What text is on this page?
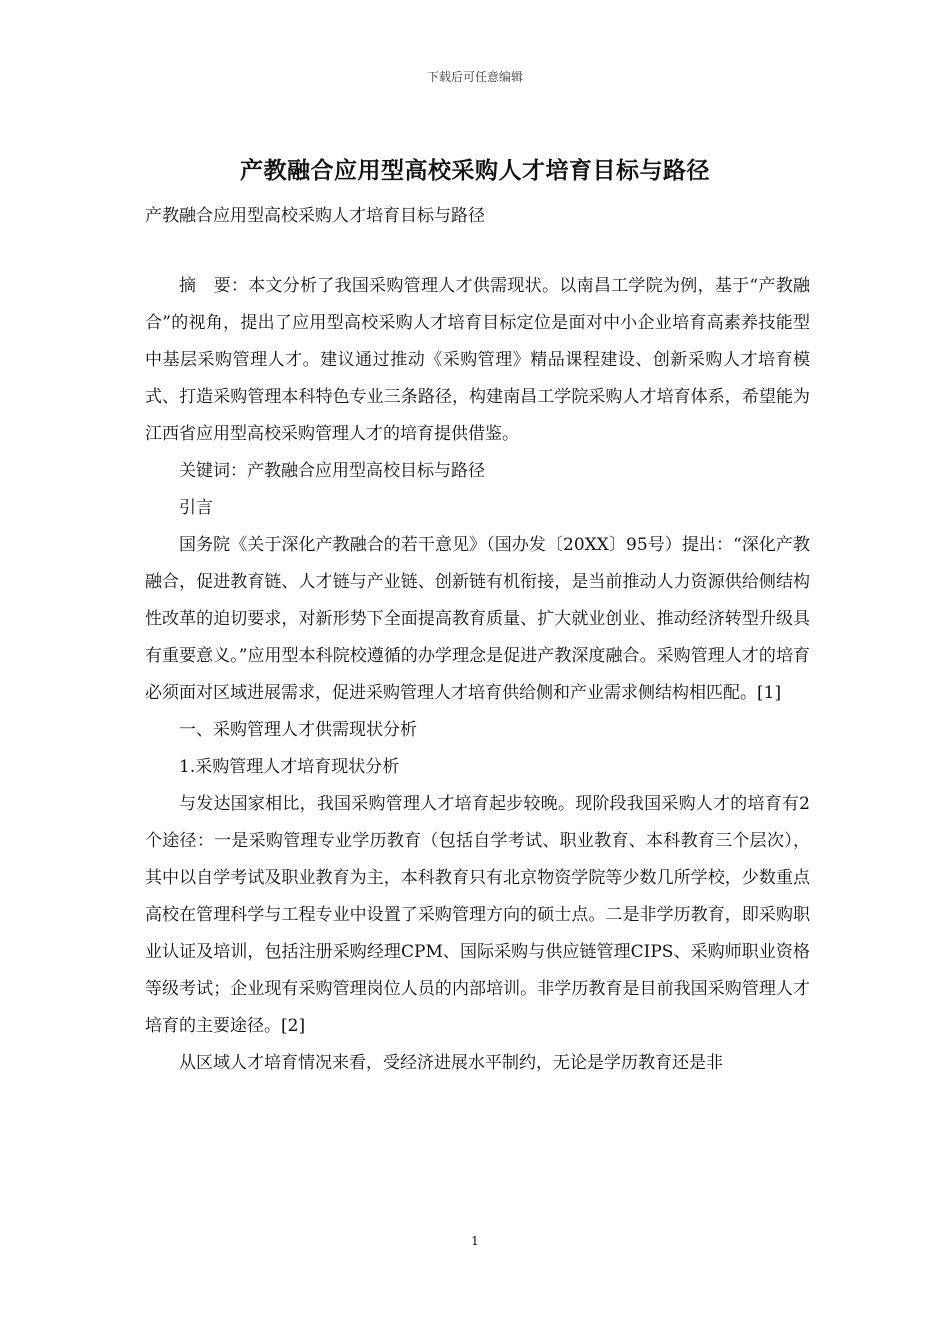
下载后可任意编辑
产教融合应用型高校采购人才培育目标与路径
产教融合应用型高校采购人才培育目标与路径

摘　要：本文分析了我国采购管理人才供需现状。以南昌工学院为例，基于“产教融合”的视角，提出了应用型高校采购人才培育目标定位是面对中小企业培育高素养技能型中基层采购管理人才。建议通过推动《采购管理》精品课程建设、创新采购人才培育模式、打造采购管理本科特色专业三条路径，构建南昌工学院采购人才培育体系，希望能为江西省应用型高校采购管理人才的培育提供借鉴。

关键词：产教融合应用型高校目标与路径

引言

国务院《关于深化产教融合的若干意见》（国办发〔20XX〕95号）提出：“深化产教融合，促进教育链、人才链与产业链、创新链有机衔接，是当前推动人力资源供给侧结构性改革的迫切要求，对新形势下全面提高教育质量、扩大就业创业、推动经济转型升级具有重要意义。”应用型本科院校遵循的办学理念是促进产教深度融合。采购管理人才的培育必须面对区域进展需求，促进采购管理人才培育供给侧和产业需求侧结构相匹配。[1]

一、采购管理人才供需现状分析

1.采购管理人才培育现状分析

与发达国家相比，我国采购管理人才培育起步较晚。现阶段我国采购人才的培育有2个途径：一是采购管理专业学历教育（包括自学考试、职业教育、本科教育三个层次），其中以自学考试及职业教育为主，本科教育只有北京物资学院等少数几所学校，少数重点高校在管理科学与工程专业中设置了采购管理方向的硕士点。二是非学历教育，即采购职业认证及培训，包括注册采购经理CPM、国际采购与供应链管理CIPS、采购师职业资格等级考试；企业现有采购管理岗位人员的内部培训。非学历教育是目前我国采购管理人才培育的主要途径。[2]

从区域人才培育情况来看，受经济进展水平制约，无论是学历教育还是非

1
